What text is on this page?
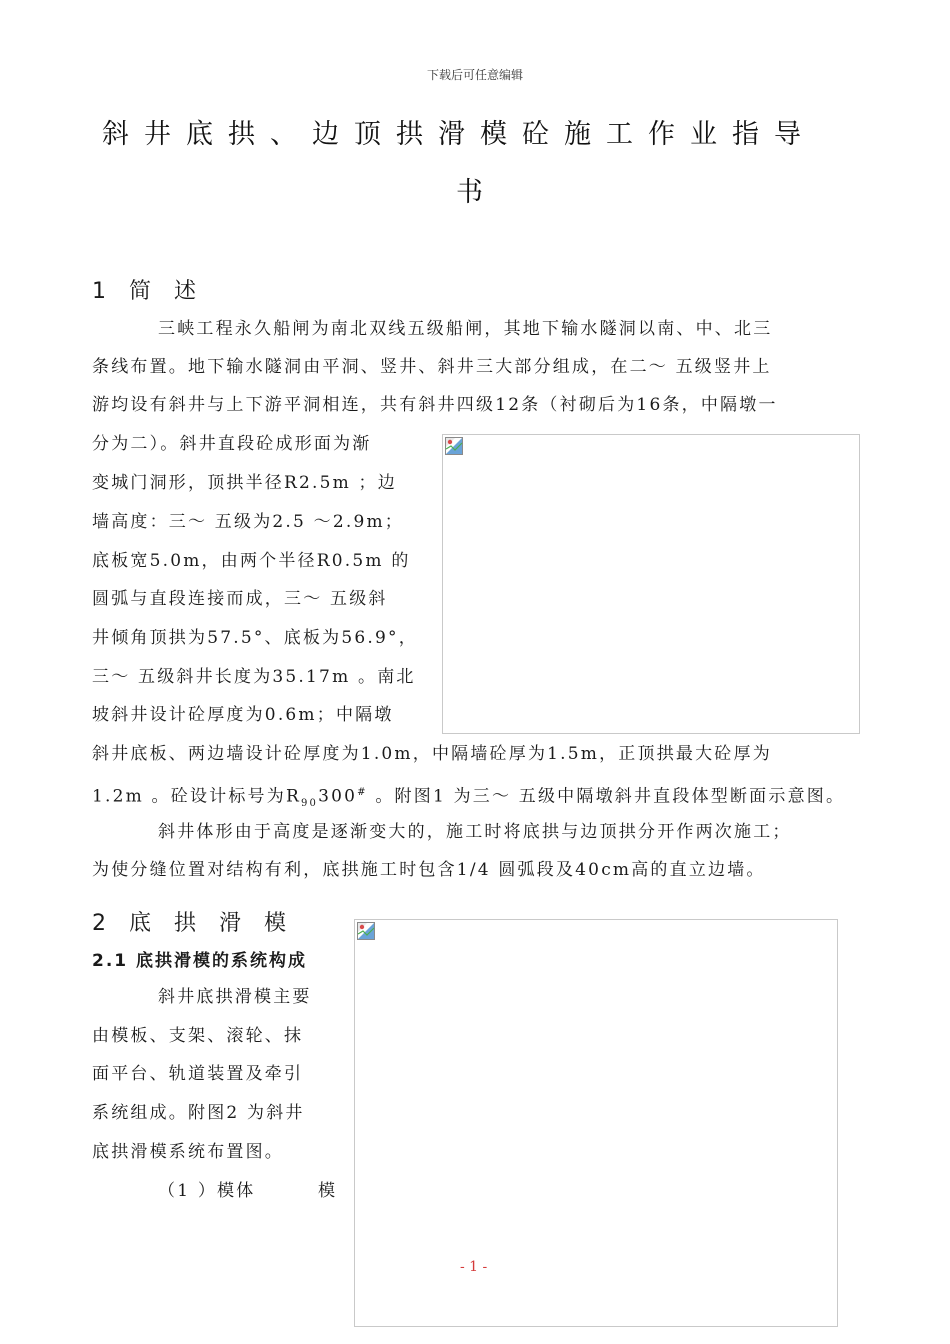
下载后可任意编辑
斜井底拱、边顶拱滑模砼施工作业指导
书
1 简 述
三峡工程永久船闸为南北双线五级船闸，其地下输水隧洞以南、中、北三
条线布置。地下输水隧洞由平洞、竖井、斜井三大部分组成，在二～ 五级竖井上
游均设有斜井与上下游平洞相连，共有斜井四级12条（衬砌后为16条，中隔墩一
分为二）。斜井直段砼成形面为渐
变城门洞形，顶拱半径R2.5m ；边
墙高度：三～ 五级为2.5 ～2.9m；
底板宽5.0m，由两个半径R0.5m 的
圆弧与直段连接而成，三～ 五级斜
井倾角顶拱为57.5°、底板为56.9°，
三～ 五级斜井长度为35.17m 。南北
坡斜井设计砼厚度为0.6m；中隔墩
斜井底板、两边墙设计砼厚度为1.0m，中隔墙砼厚为1.5m，正顶拱最大砼厚为
1.2m 。砼设计标号为$R_{90}300^{\#}$ 。附图1 为三～ 五级中隔墩斜井直段体型断面示意图。
斜井体形由于高度是逐渐变大的，施工时将底拱与边顶拱分开作两次施工；
为使分缝位置对结构有利，底拱施工时包含1/4 圆弧段及40cm高的直立边墙。
2 底 拱 滑 模
2.1 底拱滑模的系统构成
斜井底拱滑模主要
由模板、支架、滚轮、抹
面平台、轨道装置及牵引
系统组成。附图2 为斜井
底拱滑模系统布置图。
（1 ）模体	模
- 1 -
